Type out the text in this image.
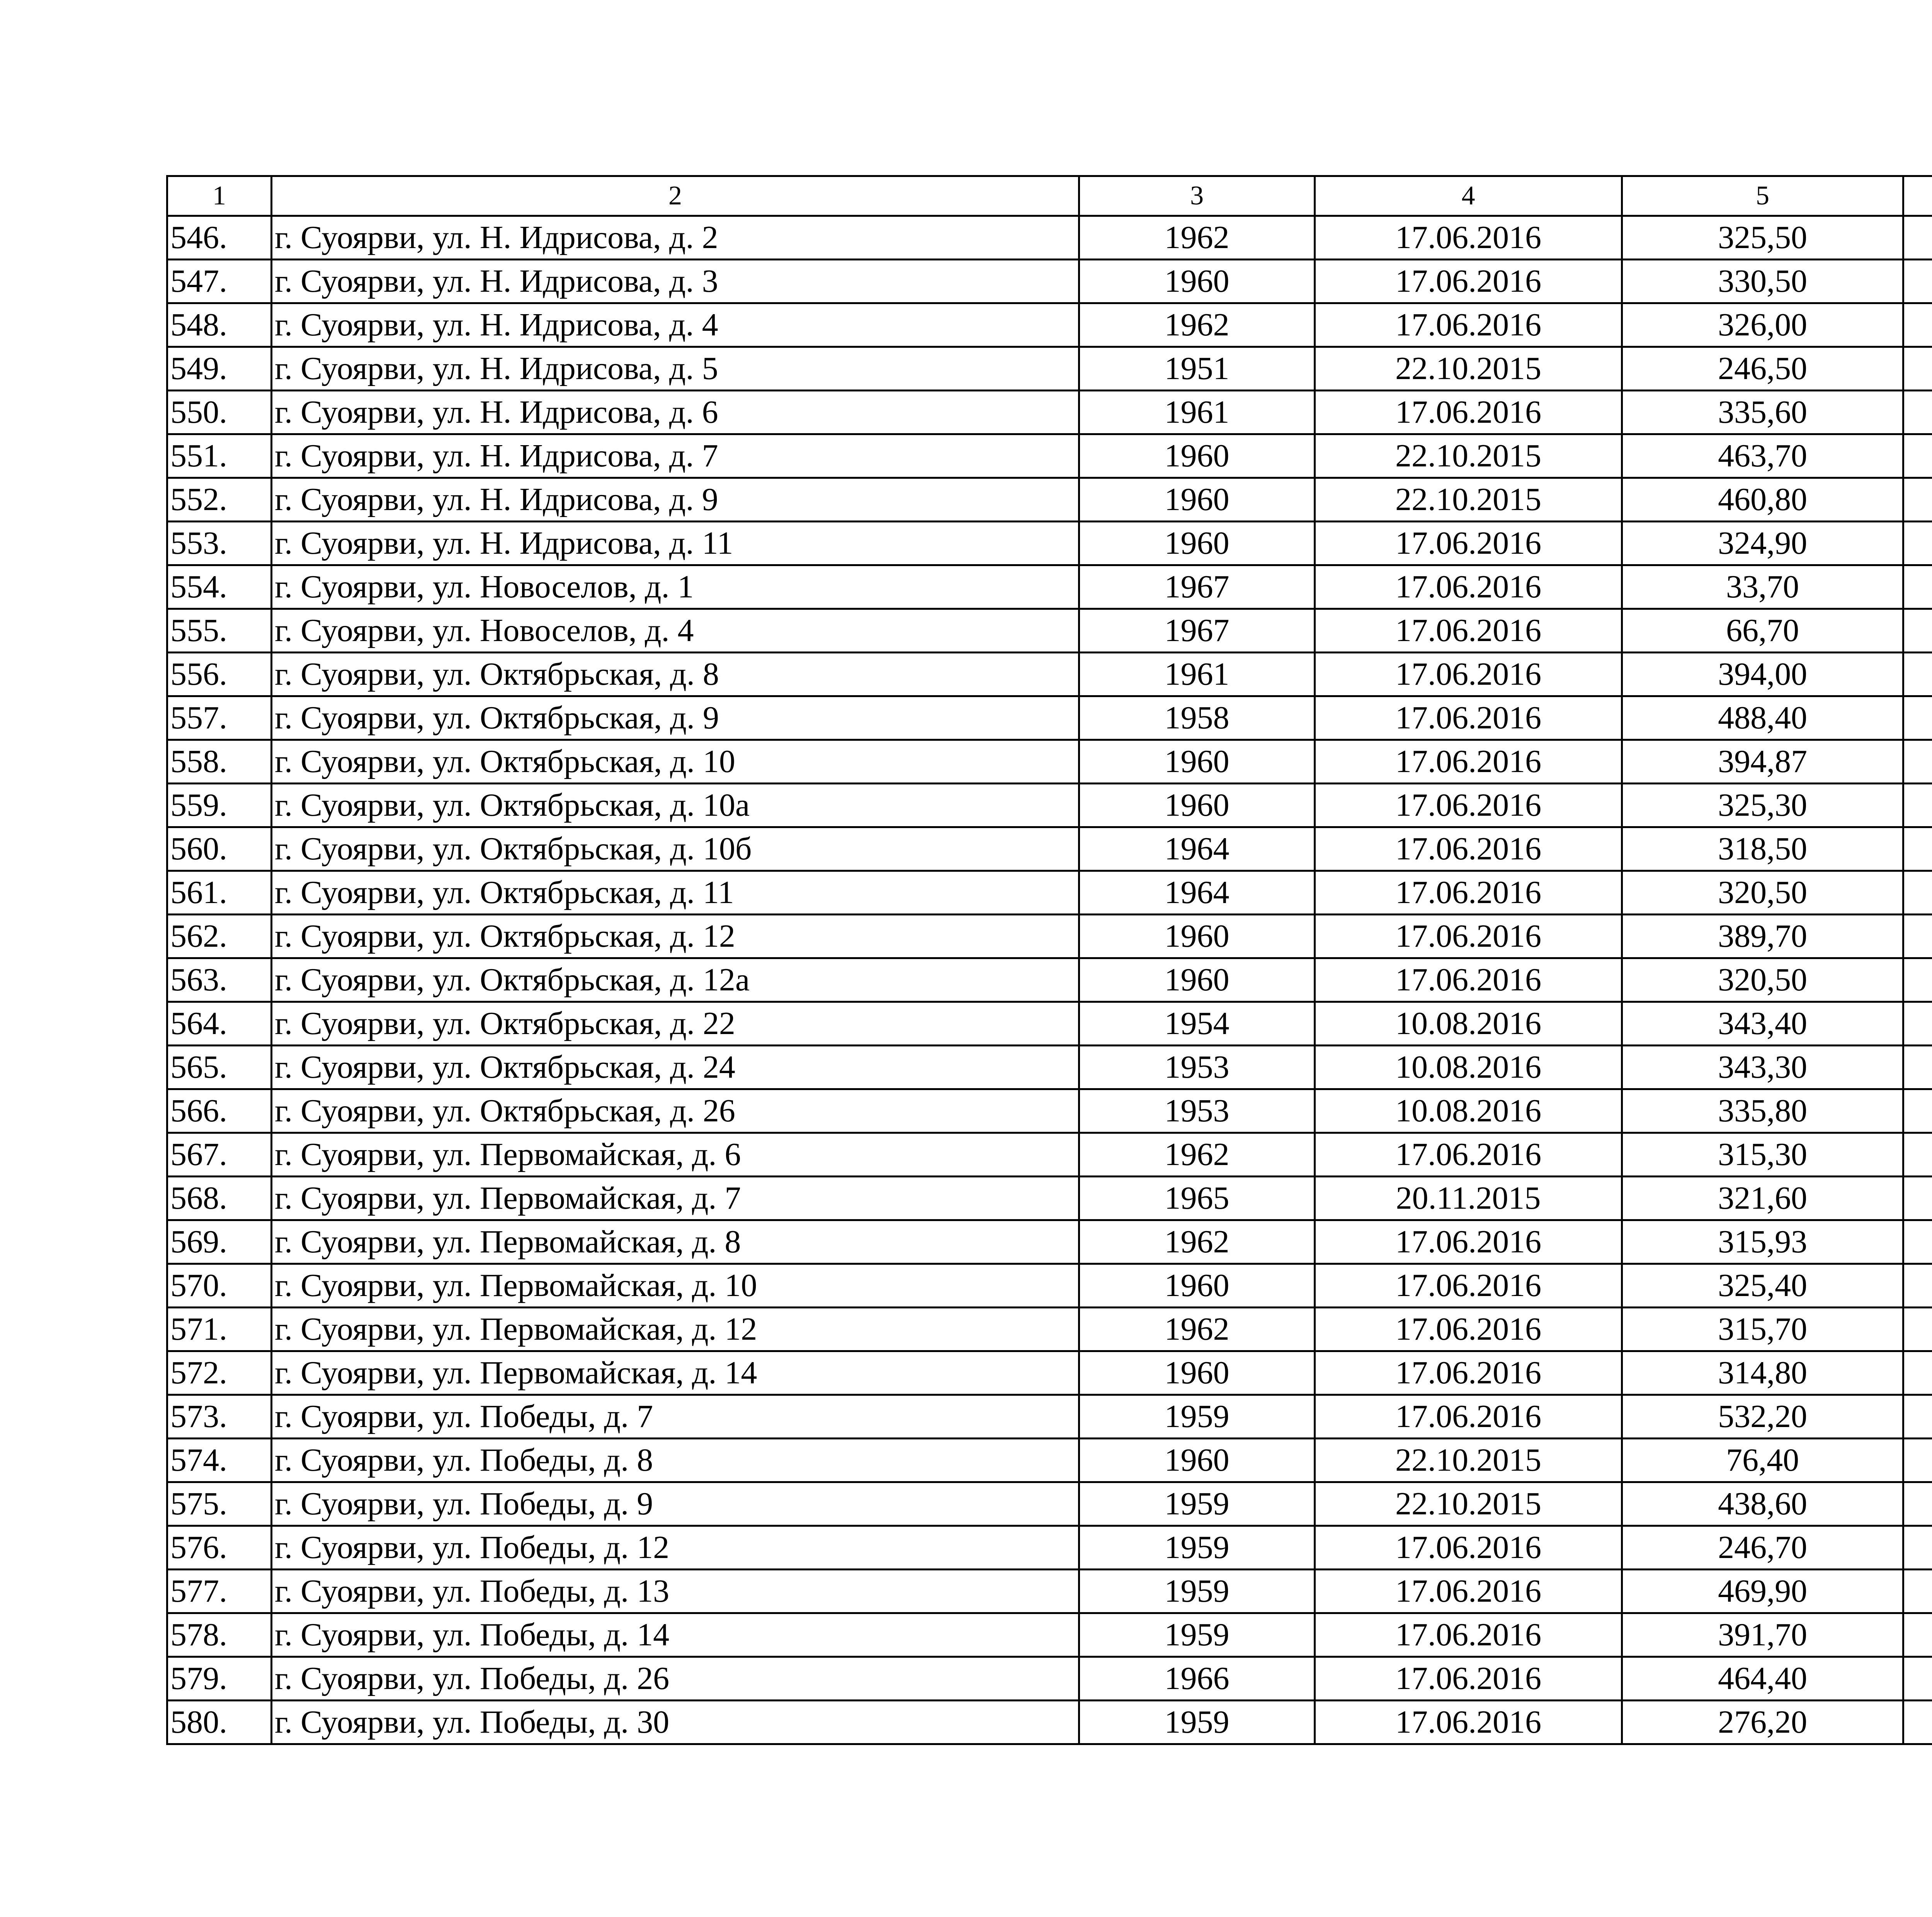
1	2	3	4	5		
546.	г. Суоярви, ул. Н. Идрисова, д. 2	1962	17.06.2016	325,50		
547.	г. Суоярви, ул. Н. Идрисова, д. 3	1960	17.06.2016	330,50		
548.	г. Суоярви, ул. Н. Идрисова, д. 4	1962	17.06.2016	326,00		
549.	г. Суоярви, ул. Н. Идрисова, д. 5	1951	22.10.2015	246,50		
550.	г. Суоярви, ул. Н. Идрисова, д. 6	1961	17.06.2016	335,60		
551.	г. Суоярви, ул. Н. Идрисова, д. 7	1960	22.10.2015	463,70		
552.	г. Суоярви, ул. Н. Идрисова, д. 9	1960	22.10.2015	460,80		
553.	г. Суоярви, ул. Н. Идрисова, д. 11	1960	17.06.2016	324,90		
554.	г. Суоярви, ул. Новоселов, д. 1	1967	17.06.2016	33,70		
555.	г. Суоярви, ул. Новоселов, д. 4	1967	17.06.2016	66,70		
556.	г. Суоярви, ул. Октябрьская, д. 8	1961	17.06.2016	394,00		
557.	г. Суоярви, ул. Октябрьская, д. 9	1958	17.06.2016	488,40		
558.	г. Суоярви, ул. Октябрьская, д. 10	1960	17.06.2016	394,87		
559.	г. Суоярви, ул. Октябрьская, д. 10а	1960	17.06.2016	325,30		
560.	г. Суоярви, ул. Октябрьская, д. 10б	1964	17.06.2016	318,50		
561.	г. Суоярви, ул. Октябрьская, д. 11	1964	17.06.2016	320,50		
562.	г. Суоярви, ул. Октябрьская, д. 12	1960	17.06.2016	389,70		
563.	г. Суоярви, ул. Октябрьская, д. 12а	1960	17.06.2016	320,50		
564.	г. Суоярви, ул. Октябрьская, д. 22	1954	10.08.2016	343,40		
565.	г. Суоярви, ул. Октябрьская, д. 24	1953	10.08.2016	343,30		
566.	г. Суоярви, ул. Октябрьская, д. 26	1953	10.08.2016	335,80		
567.	г. Суоярви, ул. Первомайская, д. 6	1962	17.06.2016	315,30		
568.	г. Суоярви, ул. Первомайская, д. 7	1965	20.11.2015	321,60		
569.	г. Суоярви, ул. Первомайская, д. 8	1962	17.06.2016	315,93		
570.	г. Суоярви, ул. Первомайская, д. 10	1960	17.06.2016	325,40		
571.	г. Суоярви, ул. Первомайская, д. 12	1962	17.06.2016	315,70		
572.	г. Суоярви, ул. Первомайская, д. 14	1960	17.06.2016	314,80		
573.	г. Суоярви, ул. Победы, д. 7	1959	17.06.2016	532,20		
574.	г. Суоярви, ул. Победы, д. 8	1960	22.10.2015	76,40		
575.	г. Суоярви, ул. Победы, д. 9	1959	22.10.2015	438,60		
576.	г. Суоярви, ул. Победы, д. 12	1959	17.06.2016	246,70		
577.	г. Суоярви, ул. Победы, д. 13	1959	17.06.2016	469,90		
578.	г. Суоярви, ул. Победы, д. 14	1959	17.06.2016	391,70		
579.	г. Суоярви, ул. Победы, д. 26	1966	17.06.2016	464,40		
580.	г. Суоярви, ул. Победы, д. 30	1959	17.06.2016	276,20		
